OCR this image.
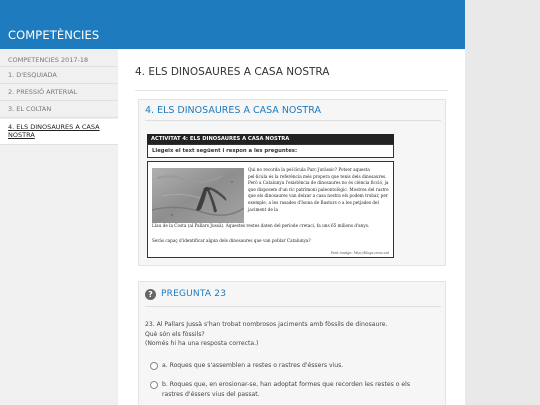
COMPETÈNCIES
COMPETENCIES 2017-18
1. D'ESQUIADA
2. PRESSIÓ ARTERIAL
3. EL COLTAN
4. ELS DINOSAURES A CASA NOSTRA
4. ELS DINOSAURES A CASA NOSTRA
4. ELS DINOSAURES A CASA NOSTRA
ACTIVITAT 4: ELS DINOSAURES A CASA NOSTRA
Llegeix el text següent i respon a les preguntes:
Qui no recorda la pel·lícula Parc Juràssic? Potser aquesta pel·lícula és la referència més propera que tenis dels dinosaures. Però a Catalunya l'existència de dinosaures no és ciència ficció, ja que disposem d'un ric patrimoni paleontològic. Mostres del rastre que els dinosaures van deixar a casa nostra els podem trobar, per exemple, a les rasades d'Isona de Basturs o a les petjades del jaciment de la
Llau de la Costa (al Pallars Jussà). Aquestes restes daten del període cretaci, fa uns 65 milions d'anys.
Seràs capaç d'identificar algun dels dinosaures que van poblar Catalunya?
Font imatge: http://blogs.cima.cat
? PREGUNTA 23
23. Al Pallars Jussà s'han trobat nombrosos jaciments amb fòssils de dinosaure.
Què són els fòssils?
(Només hi ha una resposta correcta.)
a. Roques que s'assemblen a restes o rastres d'éssers vius.
b. Roques que, en erosionar-se, han adoptat formes que recorden les restes o els rastres d'éssers vius del passat.
